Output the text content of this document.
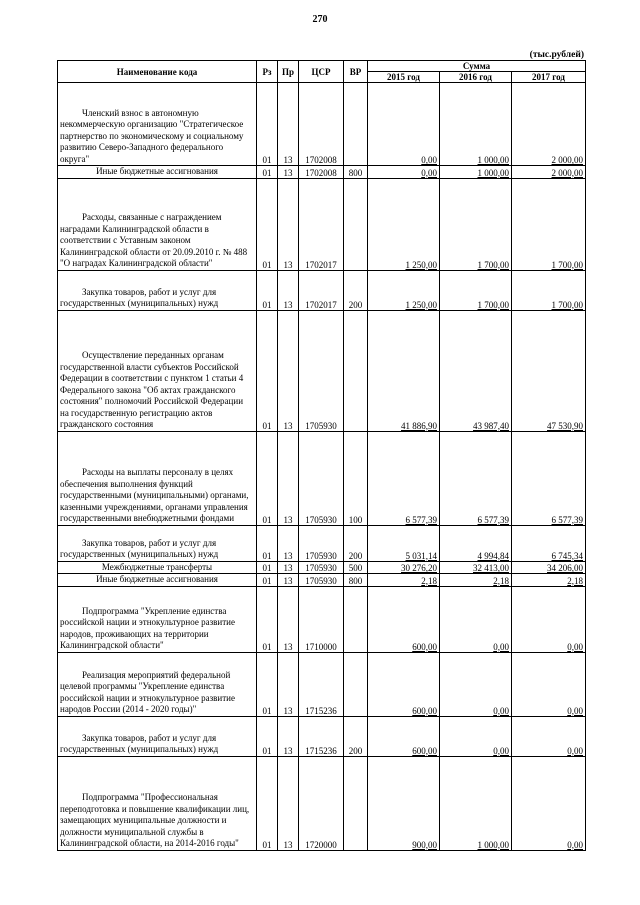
270
(тыс.рублей)
Наименование кода	Рз	Пр	ЦСР	ВР	Сумма		
					2015 год	2016 год	2017 год
Членский взнос в автономную некоммерческую организацию "Стратегическое партнерство по экономическому и социальному развитию Северо-Западного федерального округа"	01	13	1702008		0,00	1 000,00	2 000,00
Иные бюджетные ассигнования	01	13	1702008	800	0,00	1 000,00	2 000,00
Расходы, связанные с награждением наградами Калининградской области в соответствии с Уставным законом Калининградской области от 20.09.2010 г. № 488 "О наградах Калининградской области"	01	13	1702017		1 250,00	1 700,00	1 700,00
Закупка товаров, работ и услуг для государственных (муниципальных) нужд	01	13	1702017	200	1 250,00	1 700,00	1 700,00
Осуществление переданных органам государственной власти субъектов Российской Федерации в соответствии с пунктом 1 статьи 4 Федерального закона "Об актах гражданского состояния" полномочий Российской Федерации на государственную регистрацию актов гражданского состояния	01	13	1705930		41 886,90	43 987,40	47 530,90
Расходы на выплаты персоналу в целях обеспечения выполнения функций государственными (муниципальными) органами, казенными учреждениями, органами управления государственными внебюджетными фондами	01	13	1705930	100	6 577,39	6 577,39	6 577,39
Закупка товаров, работ и услуг для государственных (муниципальных) нужд	01	13	1705930	200	5 031,14	4 994,84	6 745,34
Межбюджетные трансферты	01	13	1705930	500	30 276,20	32 413,00	34 206,00
Иные бюджетные ассигнования	01	13	1705930	800	2,18	2,18	2,18
Подпрограмма "Укрепление единства российской нации и этнокультурное развитие народов, проживающих на территории Калининградской области"	01	13	1710000		600,00	0,00	0,00
Реализация мероприятий федеральной целевой программы "Укрепление единства российской нации и этнокультурное развитие народов России (2014 - 2020 годы)"	01	13	1715236		600,00	0,00	0,00
Закупка товаров, работ и услуг для государственных (муниципальных) нужд	01	13	1715236	200	600,00	0,00	0,00
Подпрограмма "Профессиональная переподготовка и повышение квалификации лиц, замещающих муниципальные должности и должности муниципальной службы в Калининградской области, на 2014-2016 годы"	01	13	1720000		900,00	1 000,00	0,00
